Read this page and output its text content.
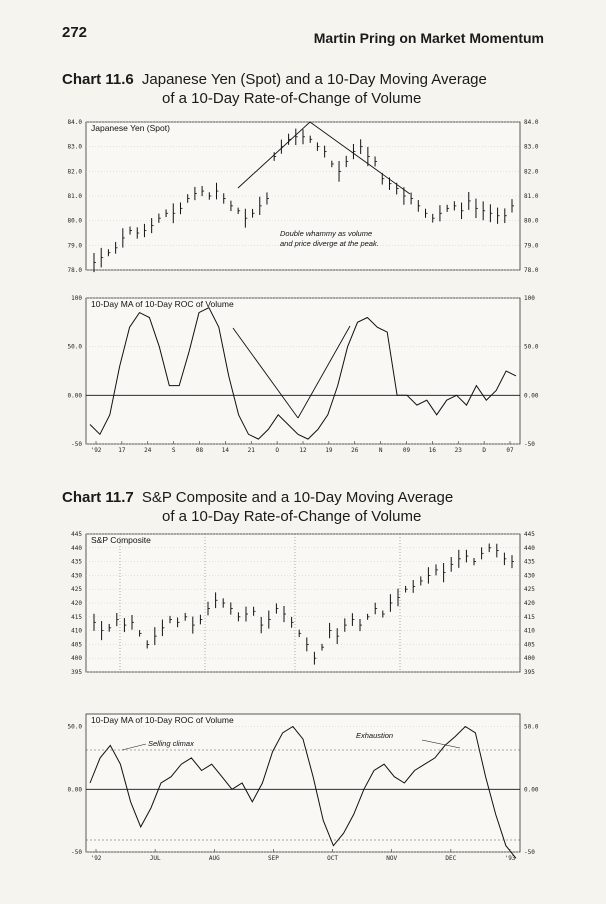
272	Martin Pring on Market Momentum
Chart 11.6 Japanese Yen (Spot) and a 10-Day Moving Average
of a 10-Day Rate-of-Change of Volume
84.0	84.0
83.0	83.0
82.0	82.0
81.0	81.0
80.0	80.0
79.0	79.0
78.0	78.0
Japanese Yen (Spot)
Double whammy as volume
and price diverge at the peak.
100	100
50.0	50.0
0.00	0.00
-50	-50
10-Day MA of 10-Day ROC of Volume
'92	17	24	S	08	14	21	O	12	19	26	N	09	16	23	D	07
Chart 11.7 S&P Composite and a 10-Day Moving Average
of a 10-Day Rate-of-Change of Volume
445	445
440	440
435	435
430	430
425	425
420	420
415	415
410	410
405	405
400	400
395	395
S&P Composite
50.0	50.0
0.00	0.00
-50	-50
10-Day MA of 10-Day ROC of Volume
'92	JUL	AUG	SEP	OCT	NOV	DEC	'93
Selling climax
Exhaustion
